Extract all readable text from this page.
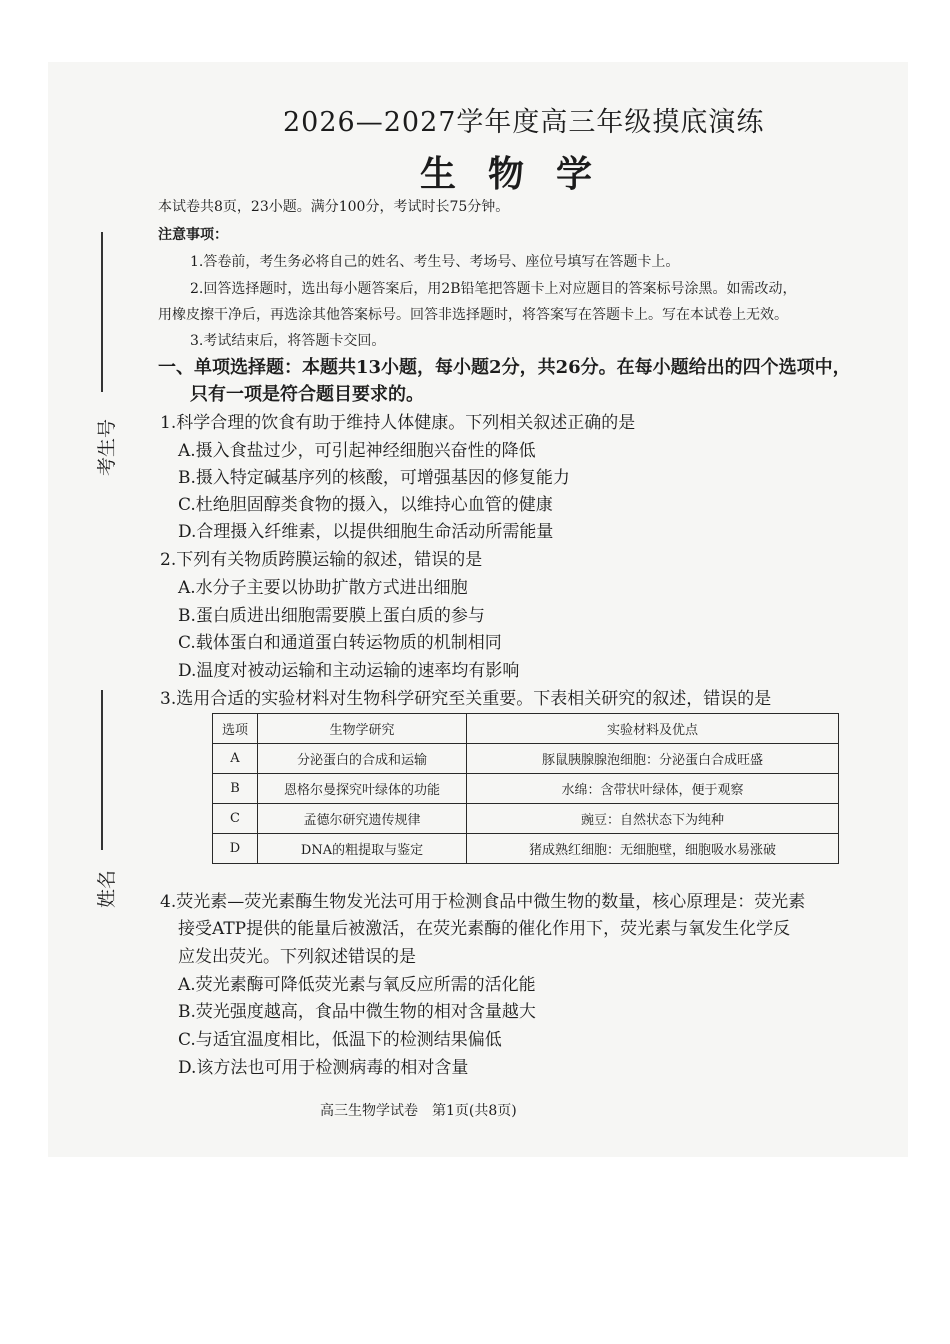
考生号
姓名
2026—2027学年度高三年级摸底演练
生物学
本试卷共8页，23小题。满分100分，考试时长75分钟。
注意事项：
1.答卷前，考生务必将自己的姓名、考生号、考场号、座位号填写在答题卡上。
2.回答选择题时，选出每小题答案后，用2B铅笔把答题卡上对应题目的答案标号涂黑。如需改动，
用橡皮擦干净后，再选涂其他答案标号。回答非选择题时，将答案写在答题卡上。写在本试卷上无效。
3.考试结束后，将答题卡交回。
一、单项选择题：本题共13小题，每小题2分，共26分。在每小题给出的四个选项中，
只有一项是符合题目要求的。
1.科学合理的饮食有助于维持人体健康。下列相关叙述正确的是
A.摄入食盐过少，可引起神经细胞兴奋性的降低
B.摄入特定碱基序列的核酸，可增强基因的修复能力
C.杜绝胆固醇类食物的摄入，以维持心血管的健康
D.合理摄入纤维素，以提供细胞生命活动所需能量
2.下列有关物质跨膜运输的叙述，错误的是
A.水分子主要以协助扩散方式进出细胞
B.蛋白质进出细胞需要膜上蛋白质的参与
C.载体蛋白和通道蛋白转运物质的机制相同
D.温度对被动运输和主动运输的速率均有影响
3.选用合适的实验材料对生物科学研究至关重要。下表相关研究的叙述，错误的是
选项	生物学研究	实验材料及优点
A	分泌蛋白的合成和运输	豚鼠胰腺腺泡细胞：分泌蛋白合成旺盛
B	恩格尔曼探究叶绿体的功能	水绵：含带状叶绿体，便于观察
C	孟德尔研究遗传规律	豌豆：自然状态下为纯种
D	DNA的粗提取与鉴定	猪成熟红细胞：无细胞壁，细胞吸水易涨破
4.荧光素—荧光素酶生物发光法可用于检测食品中微生物的数量，核心原理是：荧光素
接受ATP提供的能量后被激活，在荧光素酶的催化作用下，荧光素与氧发生化学反
应发出荧光。下列叙述错误的是
A.荧光素酶可降低荧光素与氧反应所需的活化能
B.荧光强度越高，食品中微生物的相对含量越大
C.与适宜温度相比，低温下的检测结果偏低
D.该方法也可用于检测病毒的相对含量
高三生物学试卷　第1页(共8页)
